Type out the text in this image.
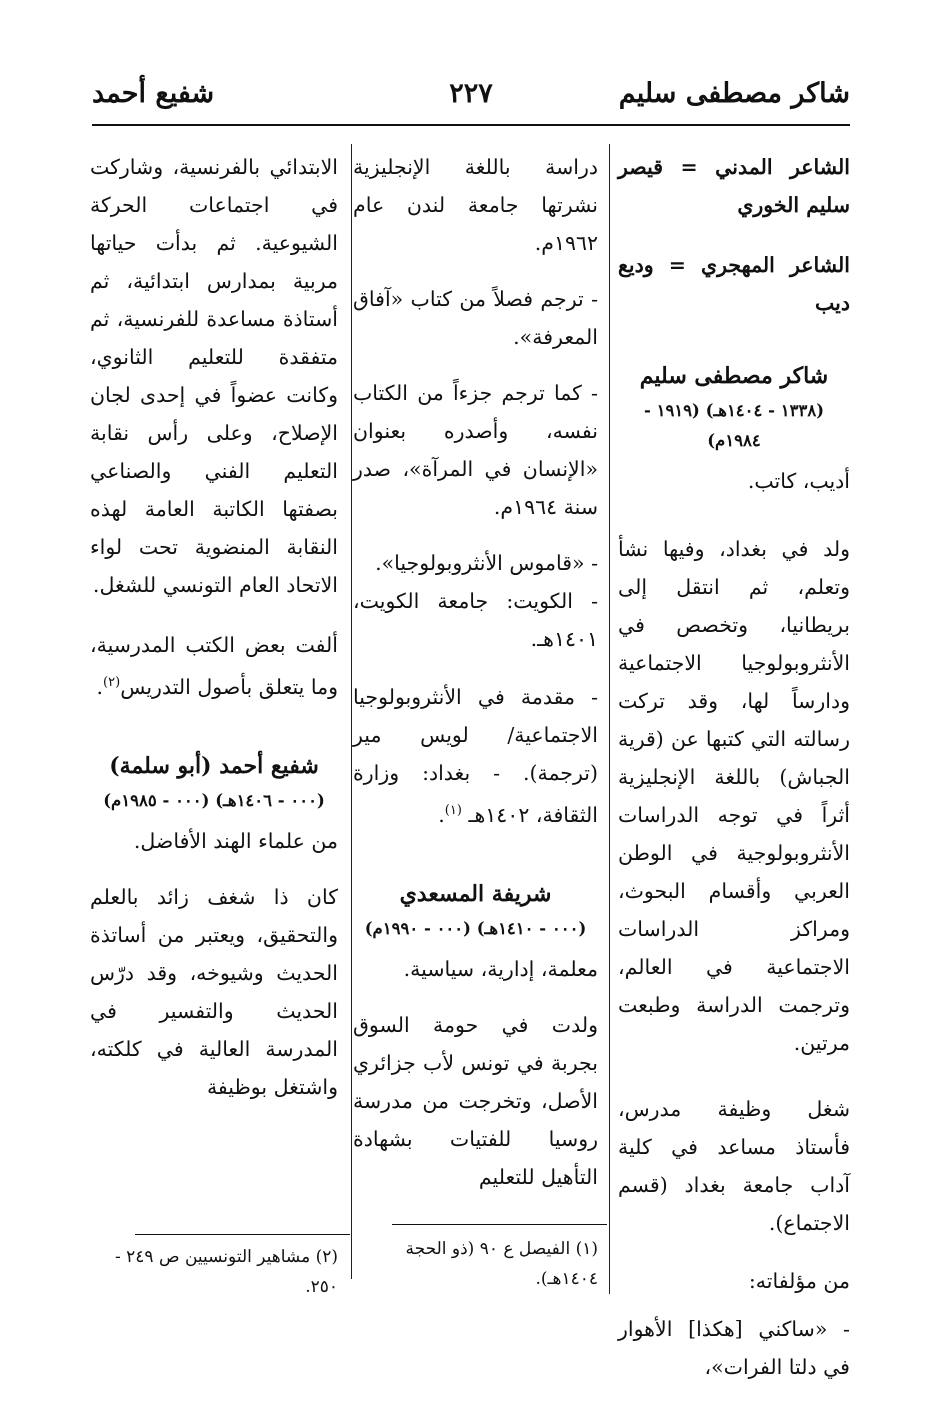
شاكر مصطفى سليم
٢٢٧
شفيع أحمد

الشاعر المدني = قيصر سليم الخوري

الشاعر المهجري = وديع ديب

شاكر مصطفى سليم

(١٣٣٨ - ١٤٠٤هـ) (١٩١٩ - ١٩٨٤م)

أديب، كاتب.

ولد في بغداد، وفيها نشأ وتعلم، ثم انتقل إلى بريطانيا، وتخصص في الأنثروبولوجيا الاجتماعية ودارساً لها، وقد تركت رسالته التي كتبها عن (قرية الجباش) باللغة الإنجليزية أثراً في توجه الدراسات الأنثروبولوجية في الوطن العربي وأقسام البحوث، ومراكز الدراسات الاجتماعية في العالم، وترجمت الدراسة وطبعت مرتين.

شغل وظيفة مدرس، فأستاذ مساعد في كلية آداب جامعة بغداد (قسم الاجتماع).

من مؤلفاته:

- «ساكني [هكذا] الأهوار في دلتا الفرات»،

دراسة باللغة الإنجليزية نشرتها جامعة لندن عام ١٩٦٢م.

- ترجم فصلاً من كتاب «آفاق المعرفة».

- كما ترجم جزءاً من الكتاب نفسه، وأصدره بعنوان «الإنسان في المرآة»، صدر سنة ١٩٦٤م.

- «قاموس الأنثروبولوجيا».

- الكويت: جامعة الكويت، ١٤٠١هـ.

- مقدمة في الأنثروبولوجيا الاجتماعية/ لويس مير (ترجمة). - بغداد: وزارة الثقافة، ١٤٠٢هـ $^{(١)}$.

شريفة المسعدي

(٠٠٠ - ١٤١٠هـ) (٠٠٠ - ١٩٩٠م)

معلمة، إدارية، سياسية.

ولدت في حومة السوق بجربة في تونس لأب جزائري الأصل، وتخرجت من مدرسة روسيا للفتيات بشهادة التأهيل للتعليم

الابتدائي بالفرنسية، وشاركت في اجتماعات الحركة الشيوعية. ثم بدأت حياتها مربية بمدارس ابتدائية، ثم أستاذة مساعدة للفرنسية، ثم متفقدة للتعليم الثانوي، وكانت عضواً في إحدى لجان الإصلاح، وعلى رأس نقابة التعليم الفني والصناعي بصفتها الكاتبة العامة لهذه النقابة المنضوية تحت لواء الاتحاد العام التونسي للشغل.

ألفت بعض الكتب المدرسية، وما يتعلق بأصول التدريس$^{(٢)}$.

شفيع أحمد (أبو سلمة)

(٠٠٠ - ١٤٠٦هـ) (٠٠٠ - ١٩٨٥م)

من علماء الهند الأفاضل.

كان ذا شغف زائد بالعلم والتحقيق، ويعتبر من أساتذة الحديث وشيوخه، وقد درّس الحديث والتفسير في المدرسة العالية في كلكته، واشتغل بوظيفة

(١) الفيصل ع ٩٠ (ذو الحجة ١٤٠٤هـ).
(٢) مشاهير التونسيين ص ٢٤٩ - ٢٥٠.
